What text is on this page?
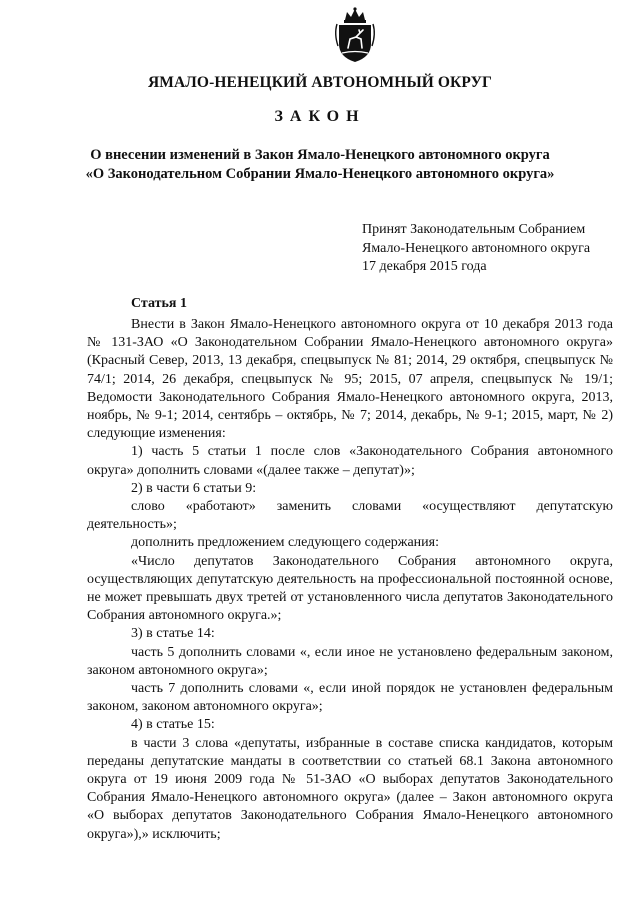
ЯМАЛО-НЕНЕЦКИЙ АВТОНОМНЫЙ ОКРУГ
ЗАКОН
О внесении изменений в Закон Ямало-Ненецкого автономного округа
«О Законодательном Собрании Ямало-Ненецкого автономного округа»
Принят Законодательным Собранием
Ямало-Ненецкого автономного округа
17 декабря 2015 года
Статья 1

Внести в Закон Ямало-Ненецкого автономного округа от 10 декабря 2013 года № 131-ЗАО «О Законодательном Собрании Ямало-Ненецкого автономного округа» (Красный Север, 2013, 13 декабря, спецвыпуск № 81; 2014, 29 октября, спецвыпуск № 74/1; 2014, 26 декабря, спецвыпуск № 95; 2015, 07 апреля, спецвыпуск № 19/1; Ведомости Законодательного Собрания Ямало-Ненецкого автономного округа, 2013, ноябрь, № 9-1; 2014, сентябрь – октябрь, № 7; 2014, декабрь, № 9-1; 2015, март, № 2) следующие изменения:

1) часть 5 статьи 1 после слов «Законодательного Собрания автономного округа» дополнить словами «(далее также – депутат)»;

2) в части 6 статьи 9:

слово «работают» заменить словами «осуществляют депутатскую деятельность»;

дополнить предложением следующего содержания:

«Число депутатов Законодательного Собрания автономного округа, осуществляющих депутатскую деятельность на профессиональной постоянной основе, не может превышать двух третей от установленного числа депутатов Законодательного Собрания автономного округа.»;

3) в статье 14:

часть 5 дополнить словами «, если иное не установлено федеральным законом, законом автономного округа»;

часть 7 дополнить словами «, если иной порядок не установлен федеральным законом, законом автономного округа»;

4) в статье 15:

в части 3 слова «депутаты, избранные в составе списка кандидатов, которым переданы депутатские мандаты в соответствии со статьей 68.1 Закона автономного округа от 19 июня 2009 года № 51-ЗАО «О выборах депутатов Законодательного Собрания Ямало-Ненецкого автономного округа» (далее – Закон автономного округа «О выборах депутатов Законодательного Собрания Ямало-Ненецкого автономного округа»),» исключить;
